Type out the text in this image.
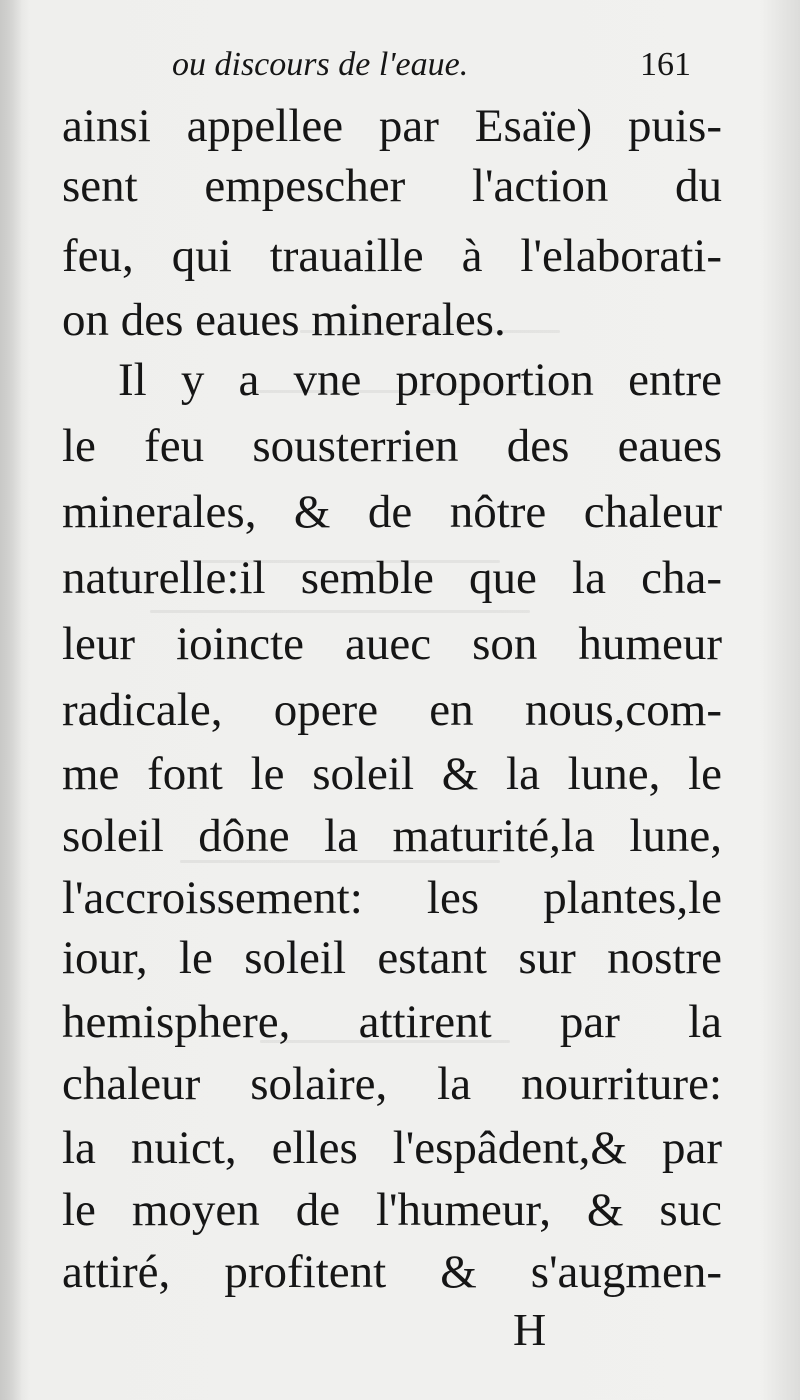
ou discours de l'eaue.	161
ainsi appellee par Esaïe) puis-
sent empescher l'action du
feu, qui trauaille à l'elaborati-
on des eaues minerales.
Il y a vne proportion entre
le feu sousterrien des eaues
minerales, & de nôtre chaleur
naturelle:il semble que la cha-
leur ioincte auec son humeur
radicale, opere en nous,com-
me font le soleil & la lune, le
soleil dône la maturité,la lune,
l'accroissement: les plantes,le
iour, le soleil estant sur nostre
hemisphere, attirent par la
chaleur solaire, la nourriture:
la nuict, elles l'espâdent,& par
le moyen de l'humeur, & suc
attiré, profitent & s'augmen-
H
